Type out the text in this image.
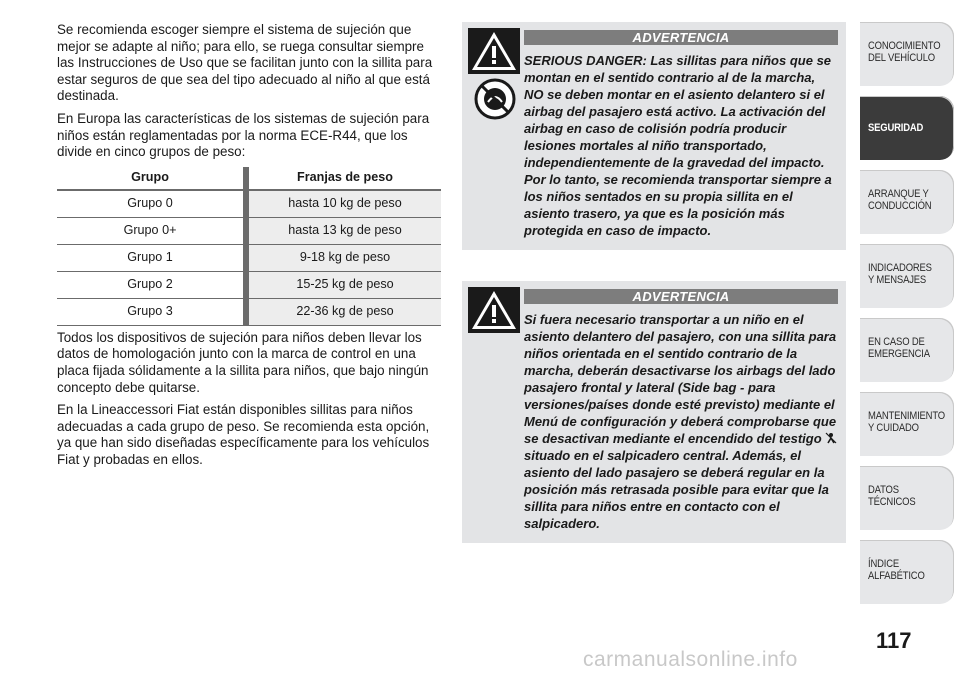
Se recomienda escoger siempre el sistema de sujeción que mejor se adapte al niño; para ello, se ruega consultar siempre las Instrucciones de Uso que se facilitan junto con la sillita para estar seguros de que sea del tipo adecuado al niño al que está destinada.

En Europa las características de los sistemas de sujeción para niños están reglamentadas por la norma ECE-R44, que los divide en cinco grupos de peso:

Grupo		Franjas de peso
Grupo 0		hasta 10 kg de peso
Grupo 0+		hasta 13 kg de peso
Grupo 1		9-18 kg de peso
Grupo 2		15-25 kg de peso
Grupo 3		22-36 kg de peso

Todos los dispositivos de sujeción para niños deben llevar los datos de homologación junto con la marca de control en una placa fijada sólidamente a la sillita para niños, que bajo ningún concepto debe quitarse.

En la Lineaccessori Fiat están disponibles sillitas para niños adecuadas a cada grupo de peso. Se recomienda esta opción, ya que han sido diseñadas específicamente para los vehículos Fiat y probadas en ellos.

ADVERTENCIA
SERIOUS DANGER: Las sillitas para niños que se montan en el sentido contrario al de la marcha, NO se deben montar en el asiento delantero si el airbag del pasajero está activo. La activación del airbag en caso de colisión podría producir lesiones mortales al niño transportado, independientemente de la gravedad del impacto. Por lo tanto, se recomienda transportar siempre a los niños sentados en su propia sillita en el asiento trasero, ya que es la posición más protegida en caso de impacto.
ADVERTENCIA
Si fuera necesario transportar a un niño en el asiento delantero del pasajero, con una sillita para niños orientada en el sentido contrario de la marcha, deberán desactivarse los airbags del lado pasajero frontal y lateral (Side bag - para versiones/países donde esté previsto) mediante el Menú de configuración y deberá comprobarse que se desactivan mediante el encendido del testigo  situado en el salpicadero central. Además, el asiento del lado pasajero se deberá regular en la posición más retrasada posible para evitar que la sillita para niños entre en contacto con el salpicadero.
CONOCIMIENTO DEL VEHÍCULO
SEGURIDAD
ARRANQUE Y CONDUCCIÓN
INDICADORES Y MENSAJES
EN CASO DE EMERGENCIA
MANTENIMIENTO Y CUIDADO
DATOS TÉCNICOS
ÍNDICE ALFABÉTICO
117
carmanualsonline.info
